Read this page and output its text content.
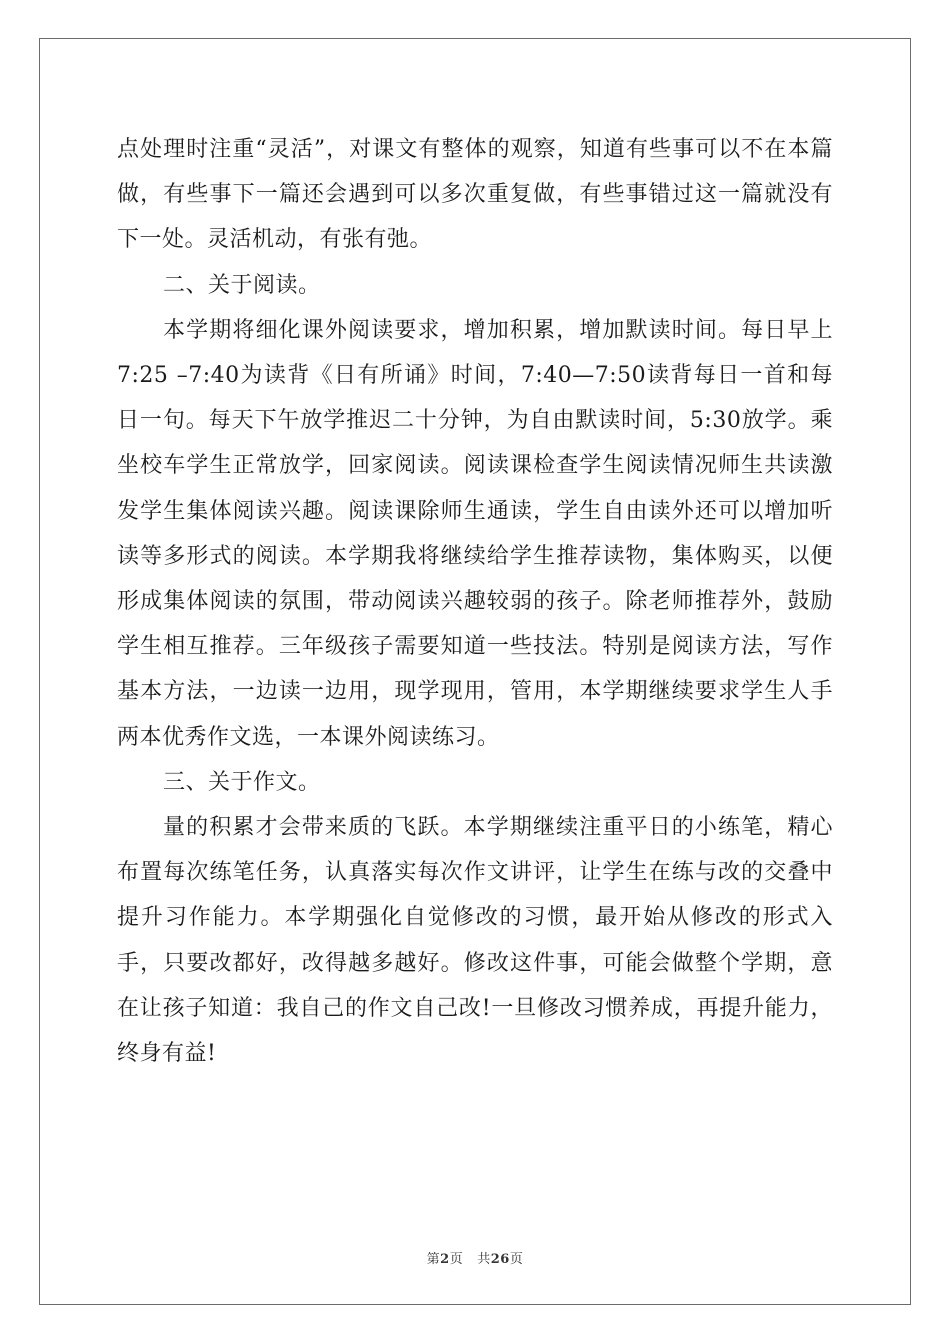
点处理时注重“灵活”，对课文有整体的观察，知道有些事可以不在本篇做，有些事下一篇还会遇到可以多次重复做，有些事错过这一篇就没有下一处。灵活机动，有张有弛。

二、关于阅读。

本学期将细化课外阅读要求，增加积累，增加默读时间。每日早上7:25 –7:40为读背《日有所诵》时间，7:40—7:50读背每日一首和每日一句。每天下午放学推迟二十分钟，为自由默读时间，5:30放学。乘坐校车学生正常放学，回家阅读。阅读课检查学生阅读情况师生共读激发学生集体阅读兴趣。阅读课除师生通读，学生自由读外还可以增加听读等多形式的阅读。本学期我将继续给学生推荐读物，集体购买，以便形成集体阅读的氛围，带动阅读兴趣较弱的孩子。除老师推荐外，鼓励学生相互推荐。三年级孩子需要知道一些技法。特别是阅读方法，写作基本方法，一边读一边用，现学现用，管用，本学期继续要求学生人手两本优秀作文选，一本课外阅读练习。

三、关于作文。

量的积累才会带来质的飞跃。本学期继续注重平日的小练笔，精心布置每次练笔任务，认真落实每次作文讲评，让学生在练与改的交叠中提升习作能力。本学期强化自觉修改的习惯，最开始从修改的形式入手，只要改都好，改得越多越好。修改这件事，可能会做整个学期，意在让孩子知道：我自己的作文自己改!一旦修改习惯养成，再提升能力，终身有益!

第2页 共26页
